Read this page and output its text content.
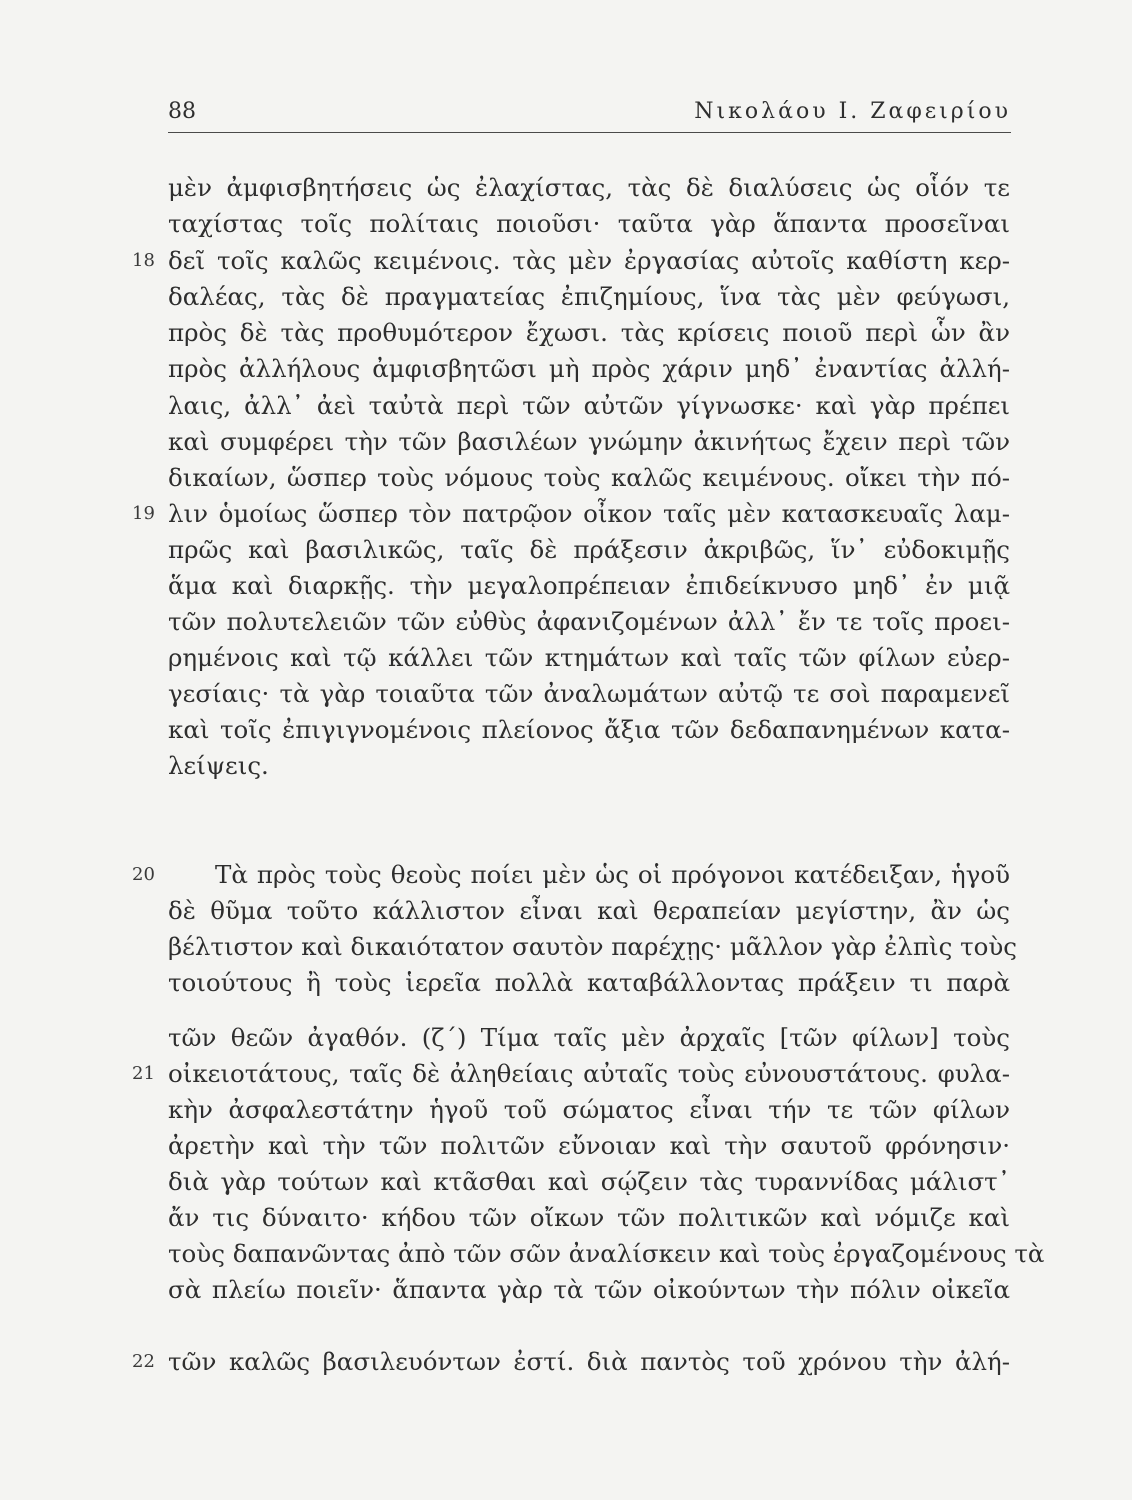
88	Νικολάου Ι. Ζαφειρίου
18
19
20
21
22
μὲν ἀμφισβητήσεις ὡς ἐλαχίστας, τὰς δὲ διαλύσεις ὡς οἷόν τε
ταχίστας τοῖς πολίταις ποιοῦσι· ταῦτα γὰρ ἅπαντα προσεῖναι
δεῖ τοῖς καλῶς κειμένοις. τὰς μὲν ἐργασίας αὐτοῖς καθίστη κερ-
δαλέας, τὰς δὲ πραγματείας ἐπιζημίους, ἵνα τὰς μὲν φεύγωσι,
πρὸς δὲ τὰς προθυμότερον ἔχωσι. τὰς κρίσεις ποιοῦ περὶ ὧν ἂν
πρὸς ἀλλήλους ἀμφισβητῶσι μὴ πρὸς χάριν μηδ᾽ ἐναντίας ἀλλή-
λαις, ἀλλ᾽ ἀεὶ ταὐτὰ περὶ τῶν αὐτῶν γίγνωσκε· καὶ γὰρ πρέπει
καὶ συμφέρει τὴν τῶν βασιλέων γνώμην ἀκινήτως ἔχειν περὶ τῶν
δικαίων, ὥσπερ τοὺς νόμους τοὺς καλῶς κειμένους. οἴκει τὴν πό-
λιν ὁμοίως ὥσπερ τὸν πατρῷον οἶκον ταῖς μὲν κατασκευαῖς λαμ-
πρῶς καὶ βασιλικῶς, ταῖς δὲ πράξεσιν ἀκριβῶς, ἵν᾽ εὐδοκιμῇς
ἅμα καὶ διαρκῇς. τὴν μεγαλοπρέπειαν ἐπιδείκνυσο μηδ᾽ ἐν μιᾷ
τῶν πολυτελειῶν τῶν εὐθὺς ἀφανιζομένων ἀλλ᾽ ἔν τε τοῖς προει-
ρημένοις καὶ τῷ κάλλει τῶν κτημάτων καὶ ταῖς τῶν φίλων εὐερ-
γεσίαις· τὰ γὰρ τοιαῦτα τῶν ἀναλωμάτων αὐτῷ τε σοὶ παραμενεῖ
καὶ τοῖς ἐπιγιγνομένοις πλείονος ἄξια τῶν δεδαπανημένων κατα-
λείψεις.
Τὰ πρὸς τοὺς θεοὺς ποίει μὲν ὡς οἱ πρόγονοι κατέδειξαν, ἡγοῦ
δὲ θῦμα τοῦτο κάλλιστον εἶναι καὶ θεραπείαν μεγίστην, ἂν ὡς
βέλτιστον καὶ δικαιότατον σαυτὸν παρέχῃς· μᾶλλον γὰρ ἐλπὶς τοὺς
τοιούτους ἢ τοὺς ἱερεῖα πολλὰ καταβάλλοντας πράξειν τι παρὰ
τῶν θεῶν ἀγαθόν. (ζ´) Τίμα ταῖς μὲν ἀρχαῖς [τῶν φίλων] τοὺς
οἰκειοτάτους, ταῖς δὲ ἀληθείαις αὐταῖς τοὺς εὐνουστάτους. φυλα-
κὴν ἀσφαλεστάτην ἡγοῦ τοῦ σώματος εἶναι τήν τε τῶν φίλων
ἀρετὴν καὶ τὴν τῶν πολιτῶν εὔνοιαν καὶ τὴν σαυτοῦ φρόνησιν·
διὰ γὰρ τούτων καὶ κτᾶσθαι καὶ σῴζειν τὰς τυραννίδας μάλιστ᾽
ἄν τις δύναιτο· κήδου τῶν οἴκων τῶν πολιτικῶν καὶ νόμιζε καὶ
τοὺς δαπανῶντας ἀπὸ τῶν σῶν ἀναλίσκειν καὶ τοὺς ἐργαζομένους τὰ
σὰ πλείω ποιεῖν· ἅπαντα γὰρ τὰ τῶν οἰκούντων τὴν πόλιν οἰκεῖα
τῶν καλῶς βασιλευόντων ἐστί. διὰ παντὸς τοῦ χρόνου τὴν ἀλή-
